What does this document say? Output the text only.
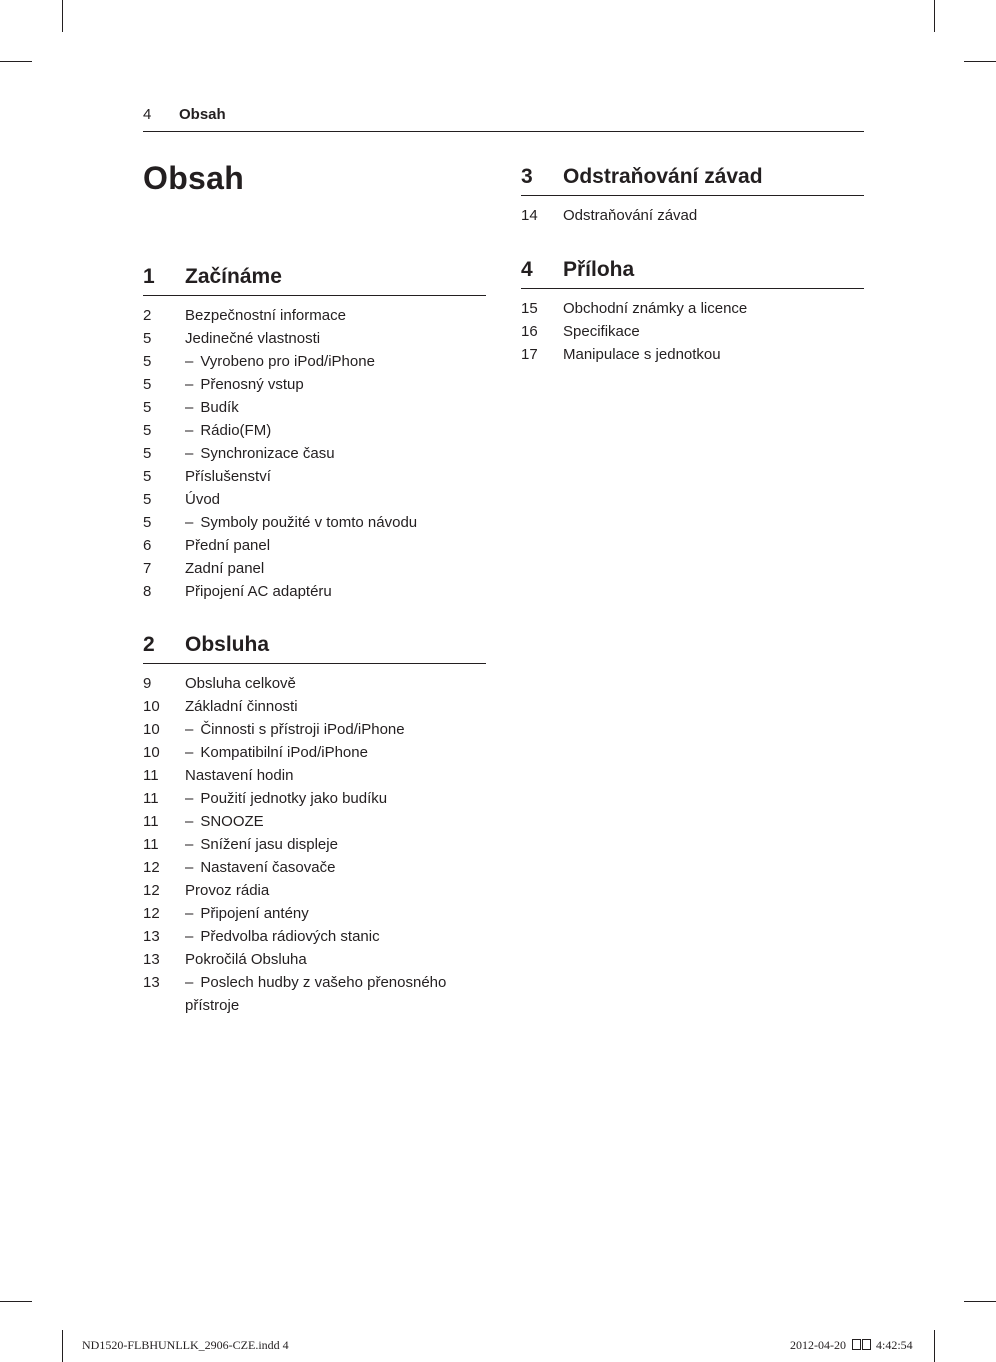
4 Obsah
Obsah
1 Začínáme
2 Bezpečnostní informace
5 Jedinečné vlastnosti
5	– Vyrobeno pro iPod/iPhone
5	– Přenosný vstup
5	– Budík
5	– Rádio(FM)
5	– Synchronizace času
5 Příslušenství
5 Úvod
5	– Symboly použité v tomto návodu
6 Přední panel
7 Zadní panel
8 Připojení AC adaptéru
2 Obsluha
9 Obsluha celkově
10 Základní činnosti
10	– Činnosti s přístroji iPod/iPhone
10	– Kompatibilní iPod/iPhone
11 Nastavení hodin
11	– Použití jednotky jako budíku
11	– SNOOZE
11	– Snížení jasu displeje
12	– Nastavení časovače
12 Provoz rádia
12	– Připojení antény
13	– Předvolba rádiových stanic
13 Pokročilá Obsluha
13	– Poslech hudby z vašeho přenosného
přístroje
3 Odstraňování závad
14 Odstraňování závad
4 Příloha
15 Obchodní známky a licence
16 Specifikace
17 Manipulace s jednotkou
ND1520-FLBHUNLLK_2906-CZE.indd 4	2012-04-20	4:42:54
